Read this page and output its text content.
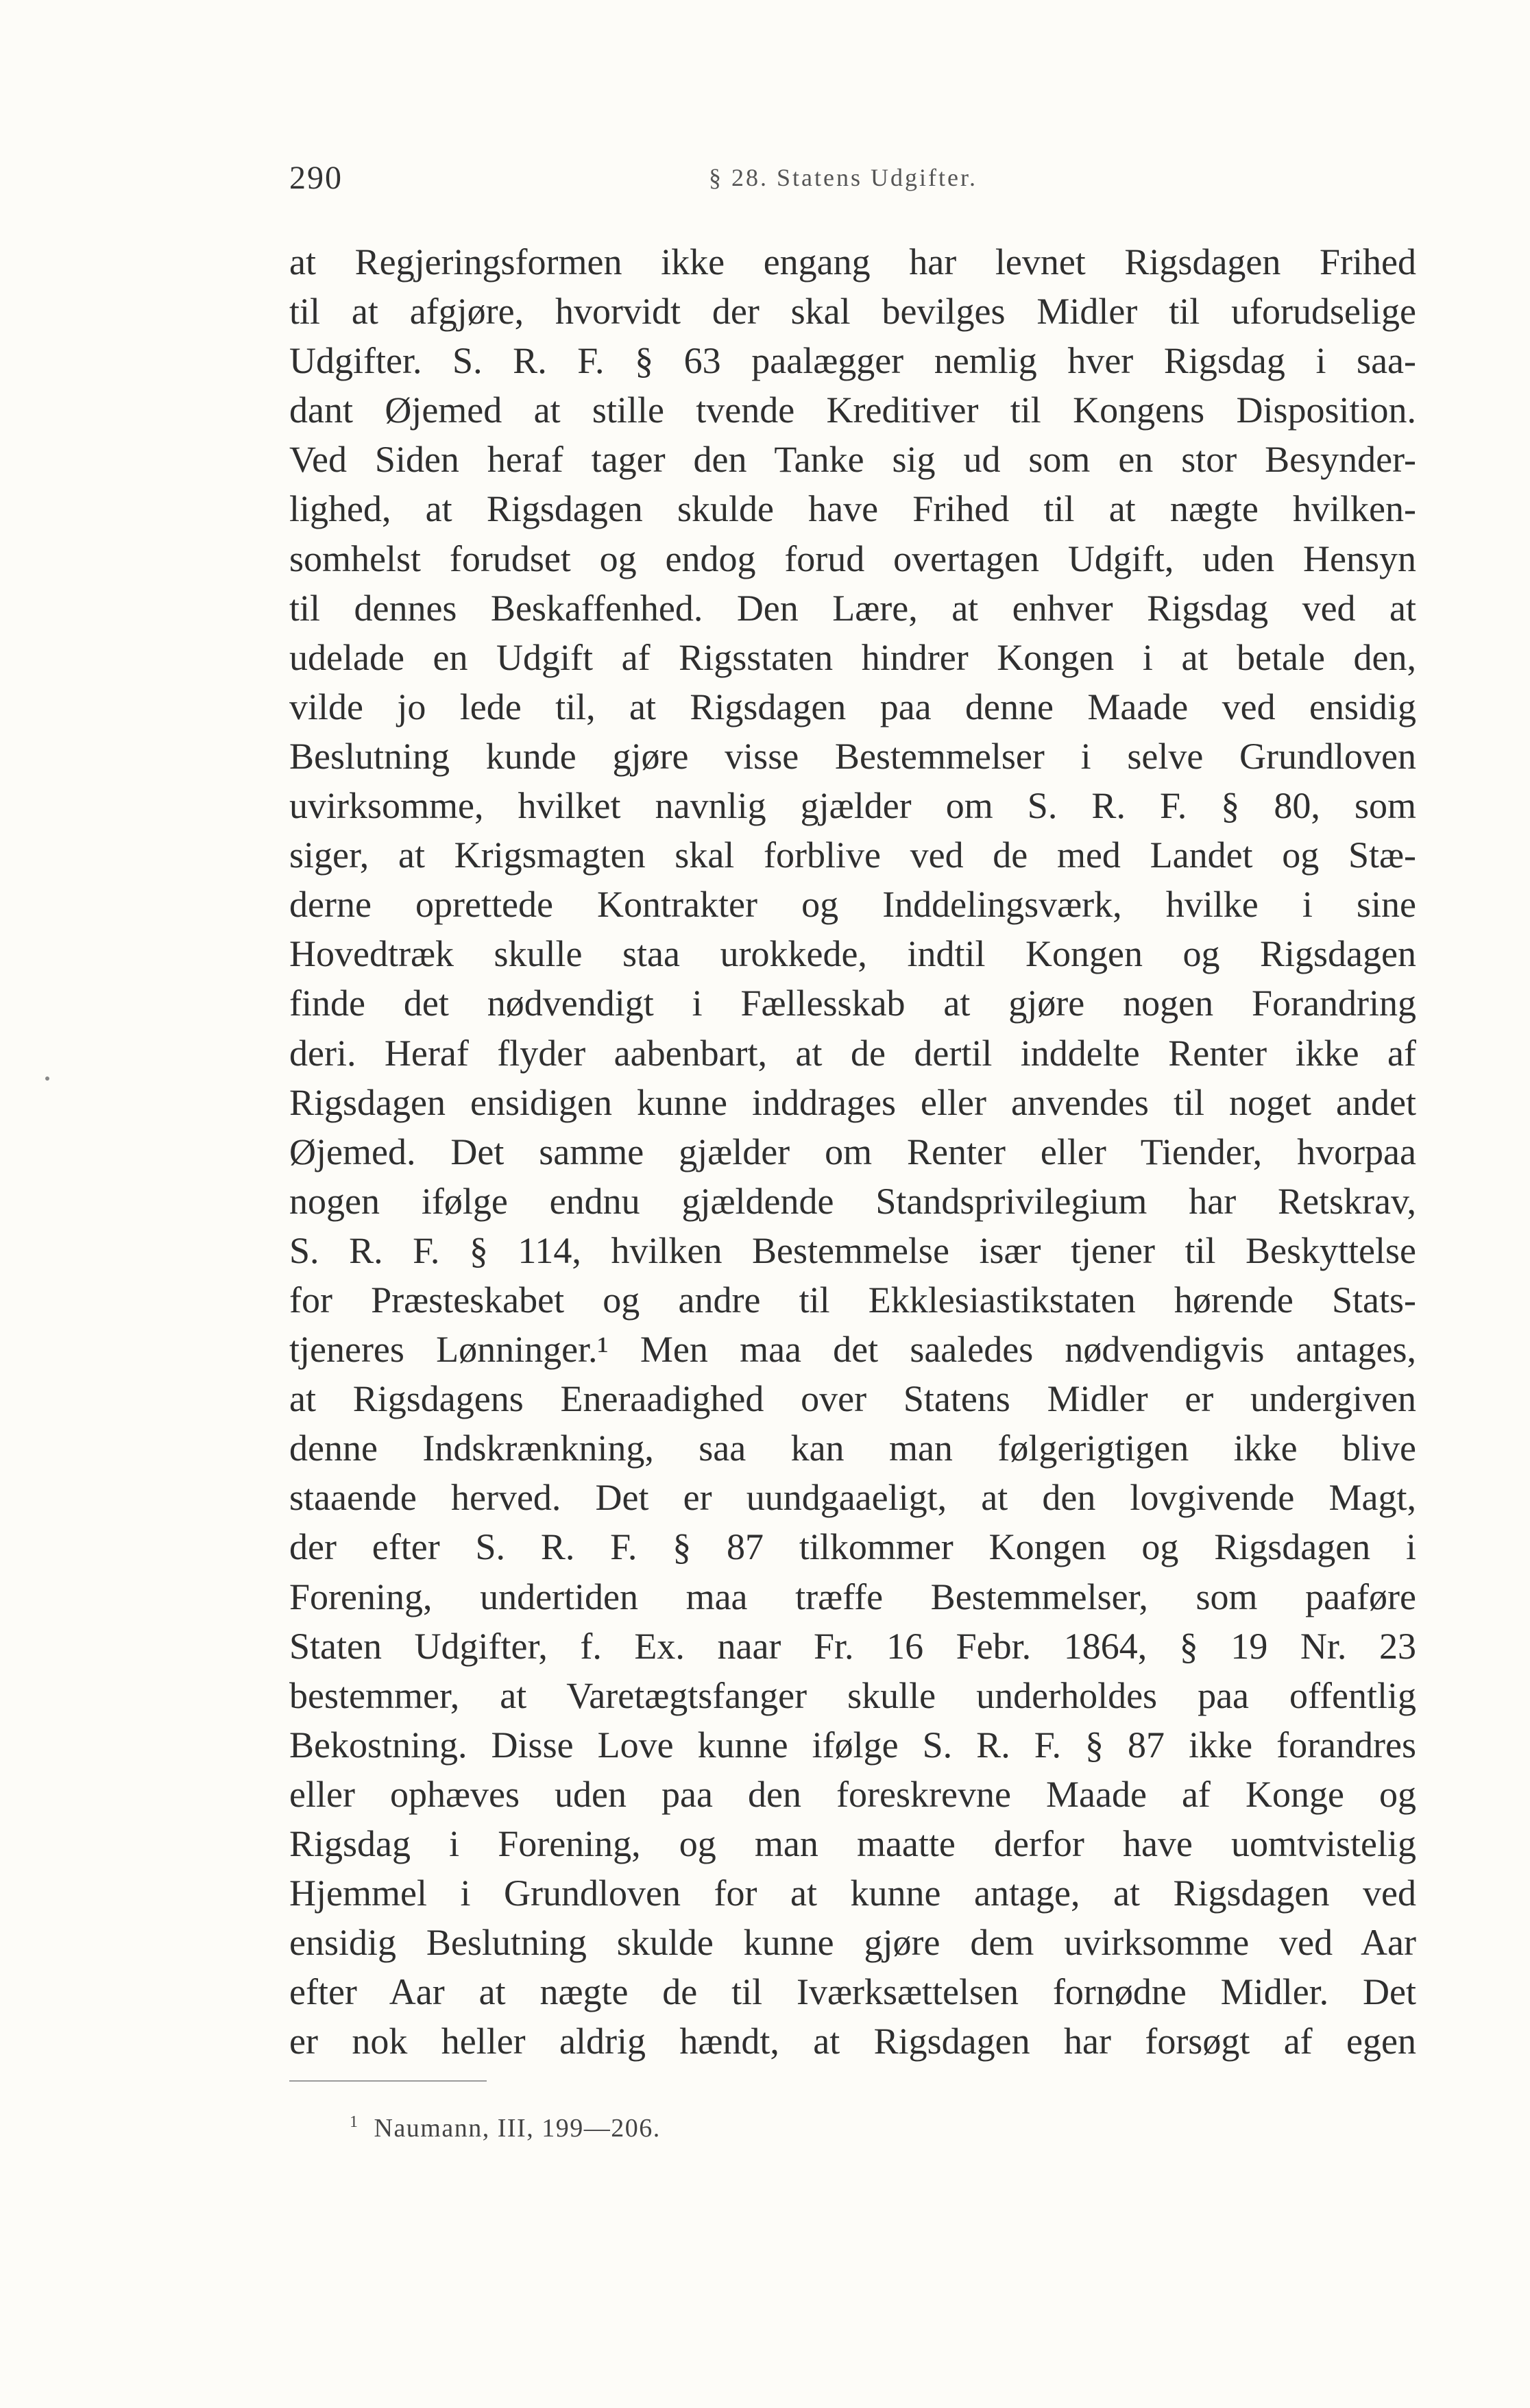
290	§ 28. Statens Udgifter.
at Regjeringsformen ikke engang har levnet Rigsdagen Frihed
til at afgjøre, hvorvidt der skal bevilges Midler til uforudselige
Udgifter. S. R. F. § 63 paalægger nemlig hver Rigsdag i saa-
dant Øjemed at stille tvende Kreditiver til Kongens Disposition.
Ved Siden heraf tager den Tanke sig ud som en stor Besynder-
lighed, at Rigsdagen skulde have Frihed til at nægte hvilken-
somhelst forudset og endog forud overtagen Udgift, uden Hensyn
til dennes Beskaffenhed. Den Lære, at enhver Rigsdag ved at
udelade en Udgift af Rigsstaten hindrer Kongen i at betale den,
vilde jo lede til, at Rigsdagen paa denne Maade ved ensidig
Beslutning kunde gjøre visse Bestemmelser i selve Grundloven
uvirksomme, hvilket navnlig gjælder om S. R. F. § 80, som
siger, at Krigsmagten skal forblive ved de med Landet og Stæ-
derne oprettede Kontrakter og Inddelingsværk, hvilke i sine
Hovedtræk skulle staa urokkede, indtil Kongen og Rigsdagen
finde det nødvendigt i Fællesskab at gjøre nogen Forandring
deri. Heraf flyder aabenbart, at de dertil inddelte Renter ikke af
Rigsdagen ensidigen kunne inddrages eller anvendes til noget andet
Øjemed. Det samme gjælder om Renter eller Tiender, hvorpaa
nogen ifølge endnu gjældende Standsprivilegium har Retskrav,
S. R. F. § 114, hvilken Bestemmelse især tjener til Beskyttelse
for Præsteskabet og andre til Ekklesiastikstaten hørende Stats-
tjeneres Lønninger.¹ Men maa det saaledes nødvendigvis antages,
at Rigsdagens Eneraadighed over Statens Midler er undergiven
denne Indskrænkning, saa kan man følgerigtigen ikke blive
staaende herved. Det er uundgaaeligt, at den lovgivende Magt,
der efter S. R. F. § 87 tilkommer Kongen og Rigsdagen i
Forening, undertiden maa træffe Bestemmelser, som paaføre
Staten Udgifter, f. Ex. naar Fr. 16 Febr. 1864, § 19 Nr. 23
bestemmer, at Varetægtsfanger skulle underholdes paa offentlig
Bekostning. Disse Love kunne ifølge S. R. F. § 87 ikke forandres
eller ophæves uden paa den foreskrevne Maade af Konge og
Rigsdag i Forening, og man maatte derfor have uomtvistelig
Hjemmel i Grundloven for at kunne antage, at Rigsdagen ved
ensidig Beslutning skulde kunne gjøre dem uvirksomme ved Aar
efter Aar at nægte de til Iværksættelsen fornødne Midler. Det
er nok heller aldrig hændt, at Rigsdagen har forsøgt af egen
$^1$ Naumann, III, 199—206.
